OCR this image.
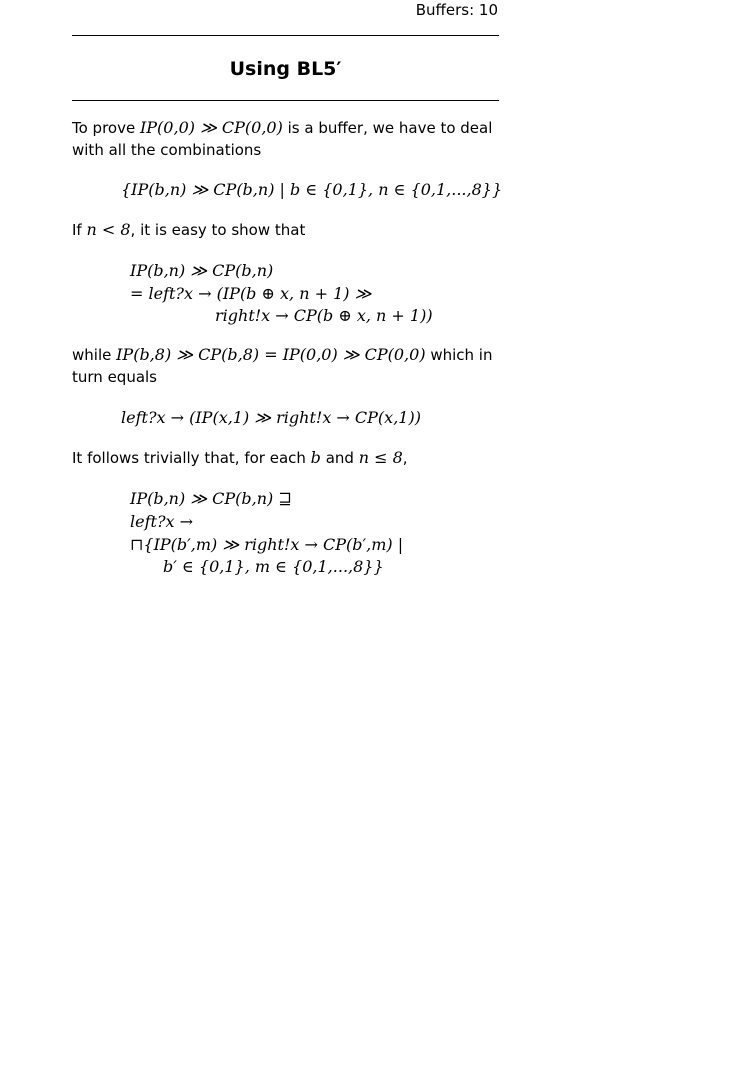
Buffers: 10
Using BL5′
To prove IP(0,0) ≫ CP(0,0) is a buffer, we have to deal
with all the combinations
{IP(b,n) ≫ CP(b,n) | b ∈ {0,1}, n ∈ {0,1,...,8}}
If n < 8, it is easy to show that
IP(b,n) ≫ CP(b,n)
= left?x → (IP(b ⊕ x, n + 1) ≫
right!x → CP(b ⊕ x, n + 1))
while IP(b,8) ≫ CP(b,8) = IP(0,0) ≫ CP(0,0) which in
turn equals
left?x → (IP(x,1) ≫ right!x → CP(x,1))
It follows trivially that, for each b and n ≤ 8,
IP(b,n) ≫ CP(b,n) ⊒
left?x →
⊓{IP(b′,m) ≫ right!x → CP(b′,m) |
b′ ∈ {0,1}, m ∈ {0,1,...,8}}
